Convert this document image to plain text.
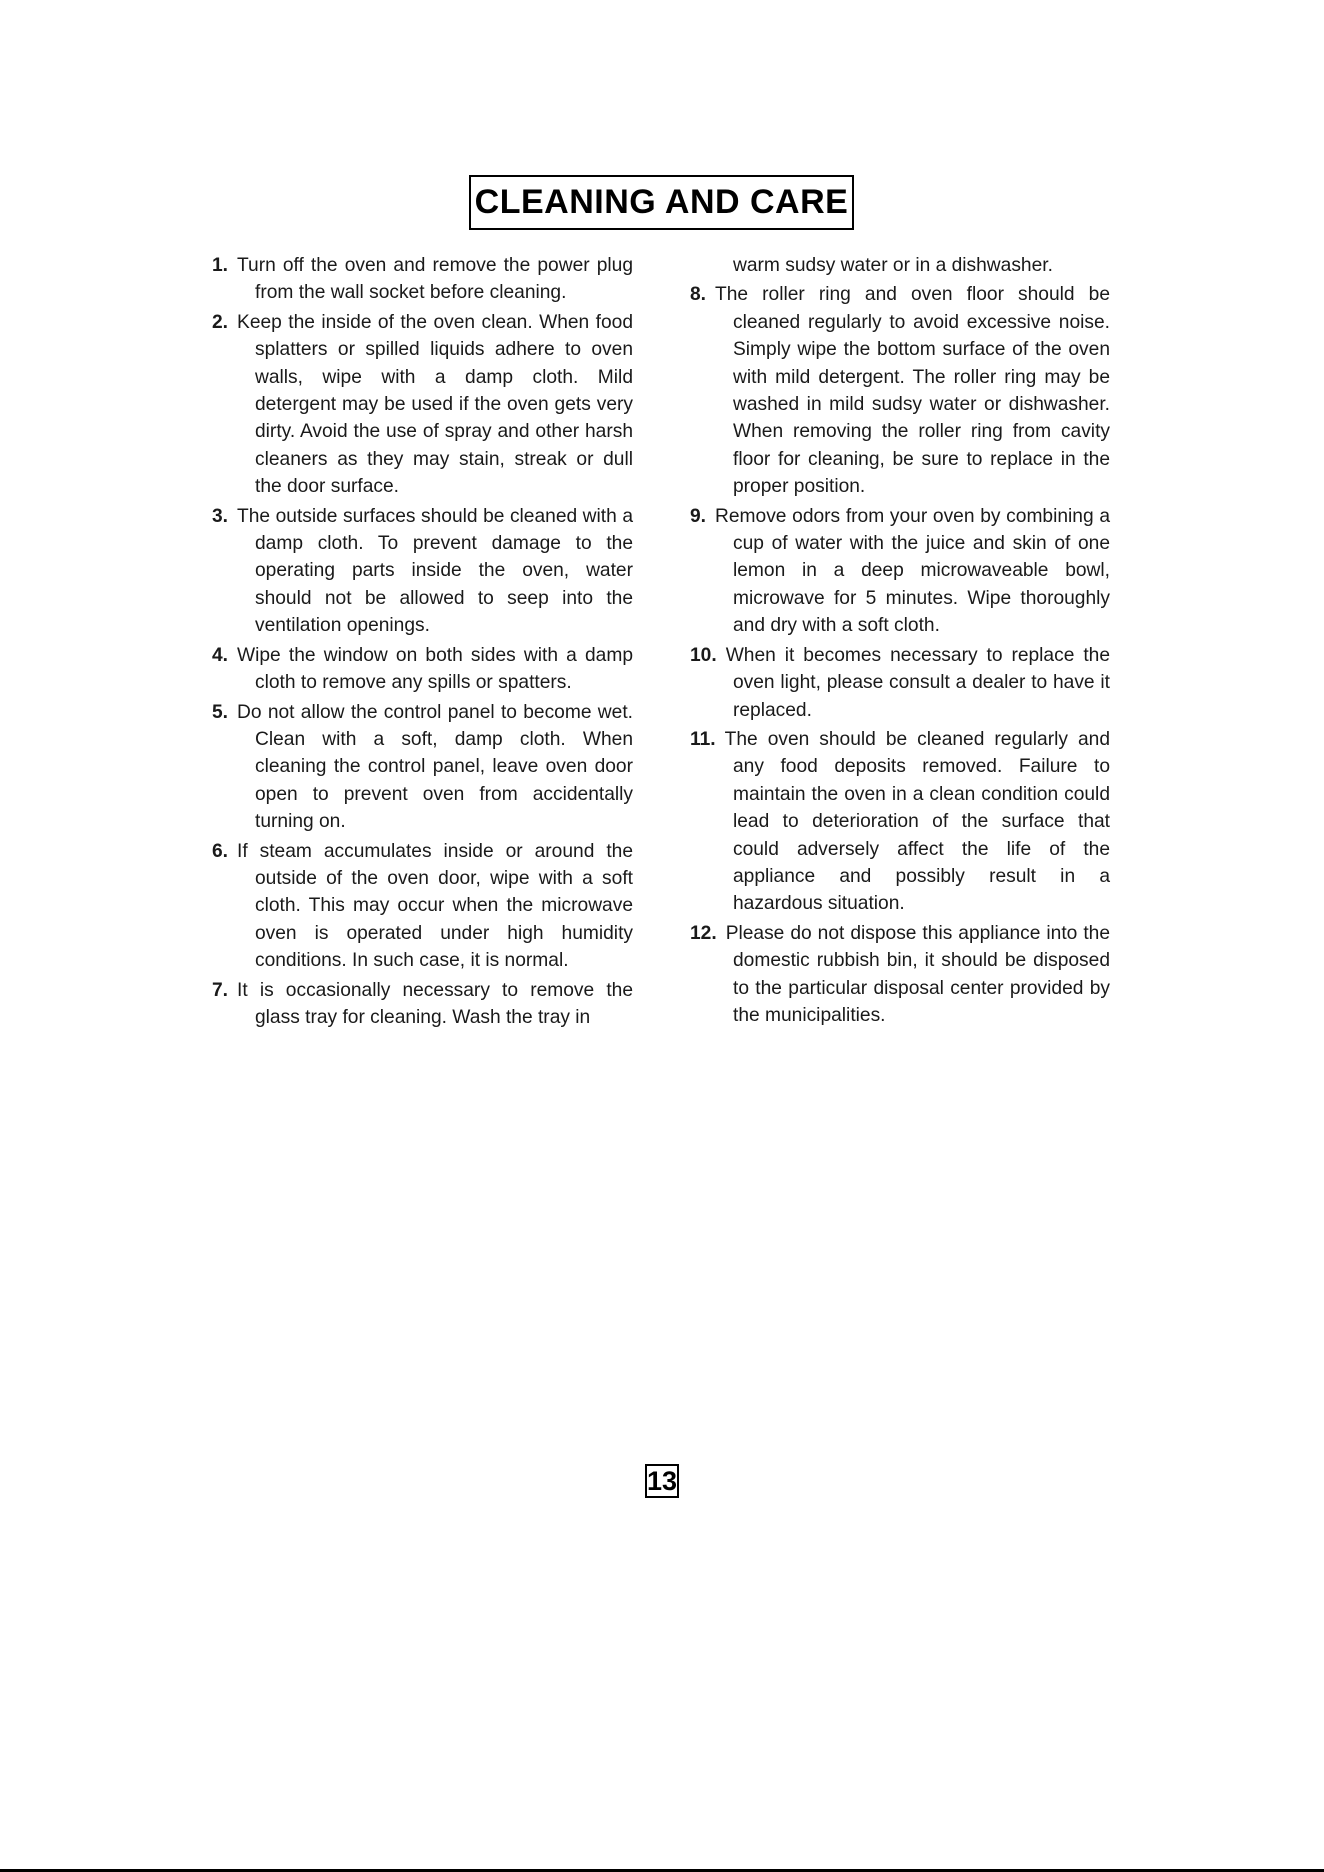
CLEANING AND CARE
1. Turn off the oven and remove the power plug from the wall socket before cleaning.
2. Keep the inside of the oven clean. When food splatters or spilled liquids adhere to oven walls, wipe with a damp cloth. Mild detergent may be used if the oven gets very dirty. Avoid the use of spray and other harsh cleaners as they may stain, streak or dull the door surface.
3. The outside surfaces should be cleaned with a damp cloth. To prevent damage to the operating parts inside the oven, water should not be allowed to seep into the ventilation openings.
4. Wipe the window on both sides with a damp cloth to remove any spills or spatters.
5. Do not allow the control panel to become wet. Clean with a soft, damp cloth. When cleaning the control panel, leave oven door open to prevent oven from accidentally turning on.
6. If steam accumulates inside or around the outside of the oven door, wipe with a soft cloth. This may occur when the microwave oven is operated under high humidity conditions. In such case, it is normal.
7. It is occasionally necessary to remove the glass tray for cleaning. Wash the tray in
warm sudsy water or in a dishwasher.
8. The roller ring and oven floor should be cleaned regularly to avoid excessive noise. Simply wipe the bottom surface of the oven with mild detergent. The roller ring may be washed in mild sudsy water or dishwasher. When removing the roller ring from cavity floor for cleaning, be sure to replace in the proper position.
9. Remove odors from your oven by combining a cup of water with the juice and skin of one lemon in a deep microwaveable bowl, microwave for 5 minutes. Wipe thoroughly and dry with a soft cloth.
10. When it becomes necessary to replace the oven light, please consult a dealer to have it replaced.
11. The oven should be cleaned regularly and any food deposits removed. Failure to maintain the oven in a clean condition could lead to deterioration of the surface that could adversely affect the life of the appliance and possibly result in a hazardous situation.
12. Please do not dispose this appliance into the domestic rubbish bin, it should be disposed to the particular disposal center provided by the municipalities.
13
